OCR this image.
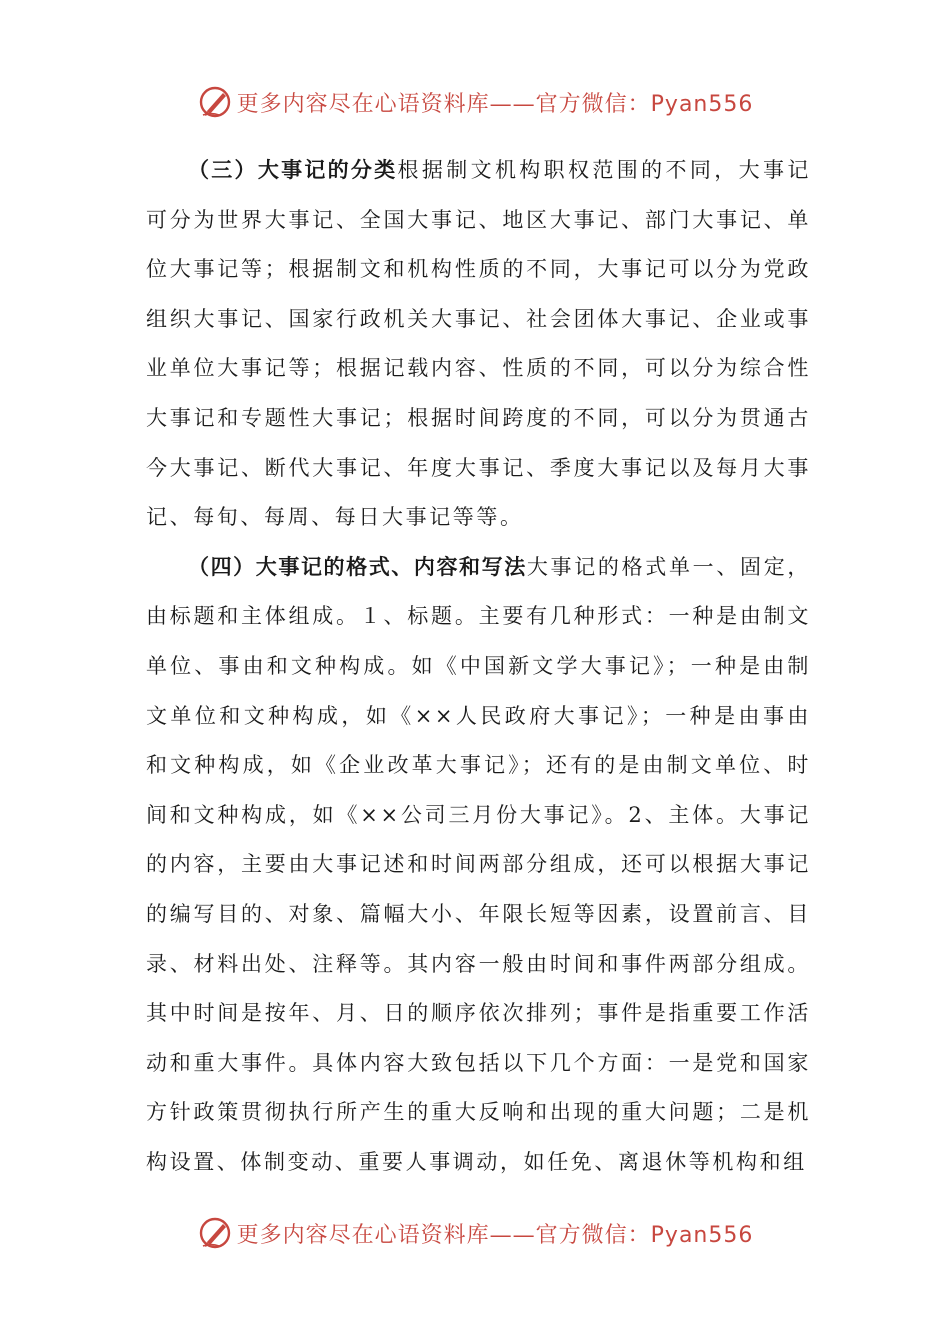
更多内容尽在心语资料库——官方微信：Pyan556

（三）大事记的分类根据制文机构职权范围的不同，大事记可分为世界大事记、全国大事记、地区大事记、部门大事记、单位大事记等；根据制文和机构性质的不同，大事记可以分为党政组织大事记、国家行政机关大事记、社会团体大事记、企业或事业单位大事记等；根据记载内容、性质的不同，可以分为综合性大事记和专题性大事记；根据时间跨度的不同，可以分为贯通古今大事记、断代大事记、年度大事记、季度大事记以及每月大事记、每旬、每周、每日大事记等等。

（四）大事记的格式、内容和写法大事记的格式单一、固定，由标题和主体组成。１、标题。主要有几种形式：一种是由制文单位、事由和文种构成。如《中国新文学大事记》；一种是由制文单位和文种构成，如《××人民政府大事记》；一种是由事由和文种构成，如《企业改革大事记》；还有的是由制文单位、时间和文种构成，如《××公司三月份大事记》。2、主体。大事记的内容，主要由大事记述和时间两部分组成，还可以根据大事记的编写目的、对象、篇幅大小、年限长短等因素，设置前言、目录、材料出处、注释等。其内容一般由时间和事件两部分组成。其中时间是按年、月、日的顺序依次排列；事件是指重要工作活动和重大事件。具体内容大致包括以下几个方面：一是党和国家方针政策贯彻执行所产生的重大反响和出现的重大问题；二是机构设置、体制变动、重要人事调动，如任免、离退休等机构和组

更多内容尽在心语资料库——官方微信：Pyan556
